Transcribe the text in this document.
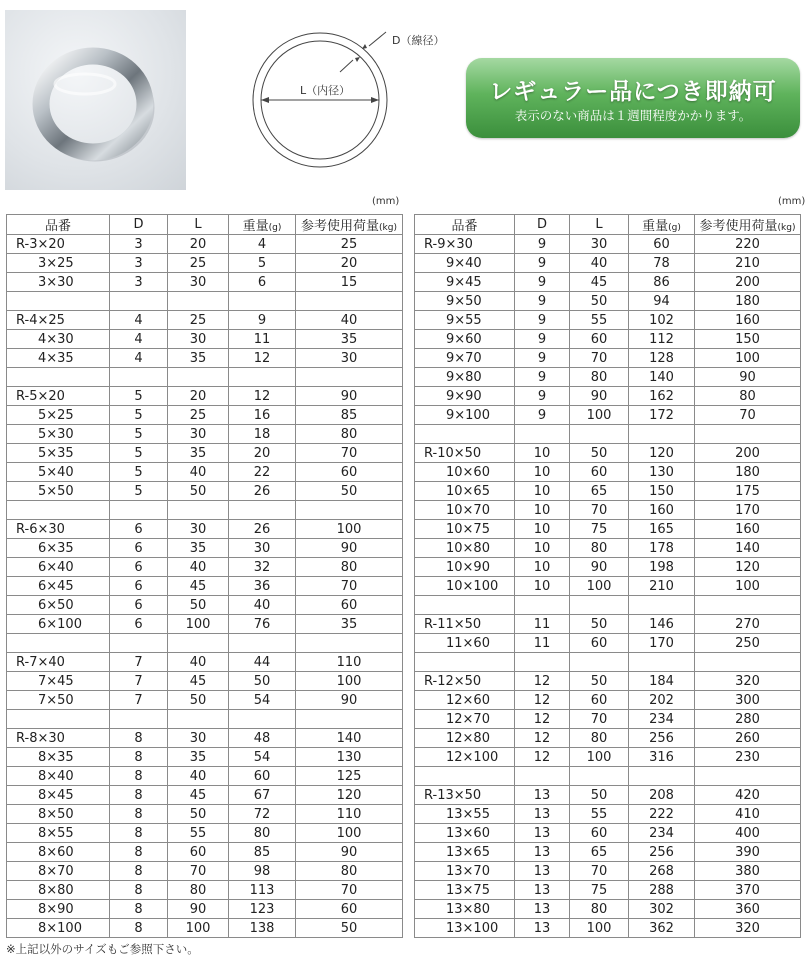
D（線径）
L（内径）	レギュラー品につき即納可
表示のない商品は１週間程度かかります。
(mm)	(mm)
品番	D	L	重量(g)	参考使用荷量(kg)
R-3×20	3	20	4	25
3×25	3	25	5	20
3×30	3	30	6	15

R-4×25	4	25	9	40
4×30	4	30	11	35
4×35	4	35	12	30

R-5×20	5	20	12	90
5×25	5	25	16	85
5×30	5	30	18	80
5×35	5	35	20	70
5×40	5	40	22	60
5×50	5	50	26	50

R-6×30	6	30	26	100
6×35	6	35	30	90
6×40	6	40	32	80
6×45	6	45	36	70
6×50	6	50	40	60
6×100	6	100	76	35

R-7×40	7	40	44	110
7×45	7	45	50	100
7×50	7	50	54	90

R-8×30	8	30	48	140
8×35	8	35	54	130
8×40	8	40	60	125
8×45	8	45	67	120
8×50	8	50	72	110
8×55	8	55	80	100
8×60	8	60	85	90
8×70	8	70	98	80
8×80	8	80	113	70
8×90	8	90	123	60
8×100	8	100	138	50
品番	D	L	重量(g)	参考使用荷量(kg)
R-9×30	9	30	60	220
9×40	9	40	78	210
9×45	9	45	86	200
9×50	9	50	94	180
9×55	9	55	102	160
9×60	9	60	112	150
9×70	9	70	128	100
9×80	9	80	140	90
9×90	9	90	162	80
9×100	9	100	172	70

R-10×50	10	50	120	200
10×60	10	60	130	180
10×65	10	65	150	175
10×70	10	70	160	170
10×75	10	75	165	160
10×80	10	80	178	140
10×90	10	90	198	120
10×100	10	100	210	100

R-11×50	11	50	146	270
11×60	11	60	170	250

R-12×50	12	50	184	320
12×60	12	60	202	300
12×70	12	70	234	280
12×80	12	80	256	260
12×100	12	100	316	230

R-13×50	13	50	208	420
13×55	13	55	222	410
13×60	13	60	234	400
13×65	13	65	256	390
13×70	13	70	268	380
13×75	13	75	288	370
13×80	13	80	302	360
13×100	13	100	362	320
※上記以外のサイズもご参照下さい。
